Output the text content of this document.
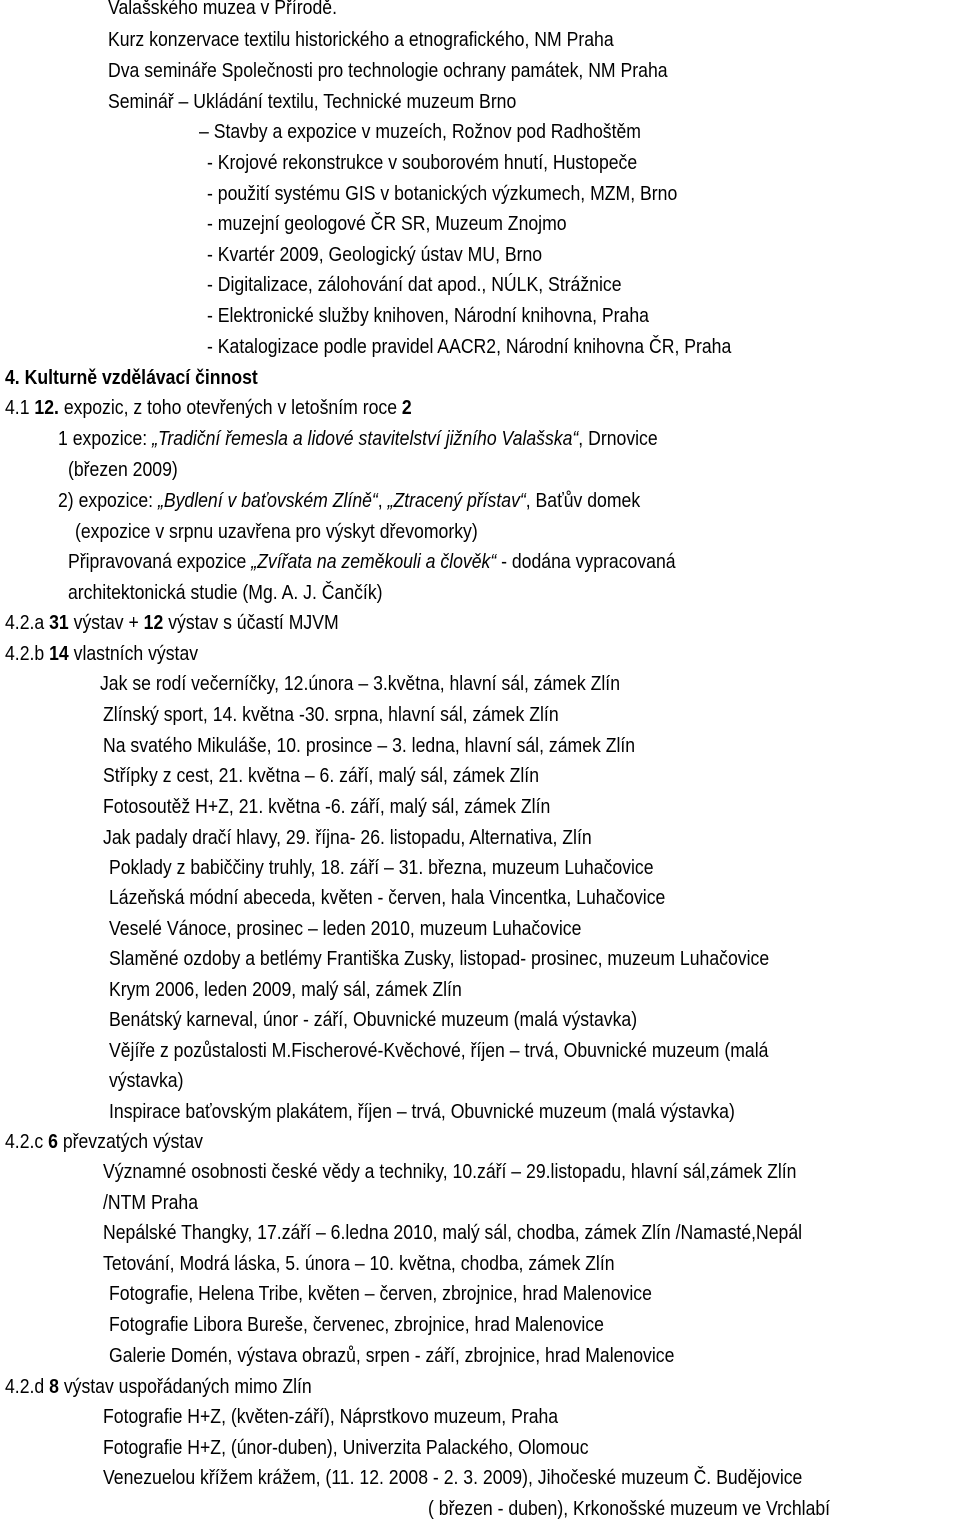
Valašského muzea v Přírodě.
Kurz konzervace textilu historického a etnografického, NM Praha
Dva semináře Společnosti pro technologie ochrany památek, NM Praha
Seminář – Ukládání textilu, Technické muzeum Brno
– Stavby a expozice v muzeích, Rožnov pod Radhoštěm
- Krojové rekonstrukce v souborovém hnutí, Hustopeče
- použití systému GIS v botanických výzkumech, MZM, Brno
- muzejní geologové ČR SR, Muzeum Znojmo
- Kvartér 2009, Geologický ústav MU, Brno
- Digitalizace, zálohování dat apod., NÚLK, Strážnice
- Elektronické služby knihoven, Národní knihovna, Praha
- Katalogizace podle pravidel AACR2, Národní knihovna ČR, Praha
4. Kulturně vzdělávací činnost
4.1 12. expozic, z toho otevřených v letošním roce 2
1 expozice: „Tradiční řemesla a lidové stavitelství jižního Valašska“, Drnovice
(březen 2009)
2) expozice: „Bydlení v baťovském Zlíně“, „Ztracený přístav“, Baťův domek
(expozice v srpnu uzavřena pro výskyt dřevomorky)
Připravovaná expozice „Zvířata na zeměkouli a člověk“ - dodána vypracovaná
architektonická studie (Mg. A. J. Čančík)
4.2.a 31 výstav + 12 výstav s účastí MJVM
4.2.b 14 vlastních výstav
Jak se rodí večerníčky, 12.února – 3.května, hlavní sál, zámek Zlín
Zlínský sport, 14. května -30. srpna, hlavní sál, zámek Zlín
Na svatého Mikuláše, 10. prosince – 3. ledna, hlavní sál, zámek Zlín
Střípky z cest, 21. května – 6. září, malý sál, zámek Zlín
Fotosoutěž H+Z, 21. května -6. září, malý sál, zámek Zlín
Jak padaly dračí hlavy, 29. října- 26. listopadu, Alternativa, Zlín
Poklady z babiččiny truhly, 18. září – 31. března, muzeum Luhačovice
Lázeňská módní abeceda, květen - červen, hala Vincentka, Luhačovice
Veselé Vánoce, prosinec – leden 2010, muzeum Luhačovice
Slaměné ozdoby a betlémy Františka Zusky, listopad- prosinec, muzeum Luhačovice
Krym 2006, leden 2009, malý sál, zámek Zlín
Benátský karneval, únor - září, Obuvnické muzeum (malá výstavka)
Vějíře z pozůstalosti M.Fischerové-Kvěchové, říjen – trvá, Obuvnické muzeum (malá
výstavka)
Inspirace baťovským plakátem, říjen – trvá, Obuvnické muzeum (malá výstavka)
4.2.c 6 převzatých výstav
Významné osobnosti české vědy a techniky, 10.září – 29.listopadu, hlavní sál,zámek Zlín
/NTM Praha
Nepálské Thangky, 17.září – 6.ledna 2010, malý sál, chodba, zámek Zlín /Namasté,Nepál
Tetování, Modrá láska, 5. února – 10. května, chodba, zámek Zlín
Fotografie, Helena Tribe, květen – červen, zbrojnice, hrad Malenovice
Fotografie Libora Bureše, červenec, zbrojnice, hrad Malenovice
Galerie Domén, výstava obrazů, srpen - září, zbrojnice, hrad Malenovice
4.2.d 8 výstav uspořádaných mimo Zlín
Fotografie H+Z, (květen-září), Náprstkovo muzeum, Praha
Fotografie H+Z, (únor-duben), Univerzita Palackého, Olomouc
Venezuelou křížem krážem, (11. 12. 2008 - 2. 3. 2009), Jihočeské muzeum Č. Budějovice
( březen - duben), Krkonošské muzeum ve Vrchlabí
